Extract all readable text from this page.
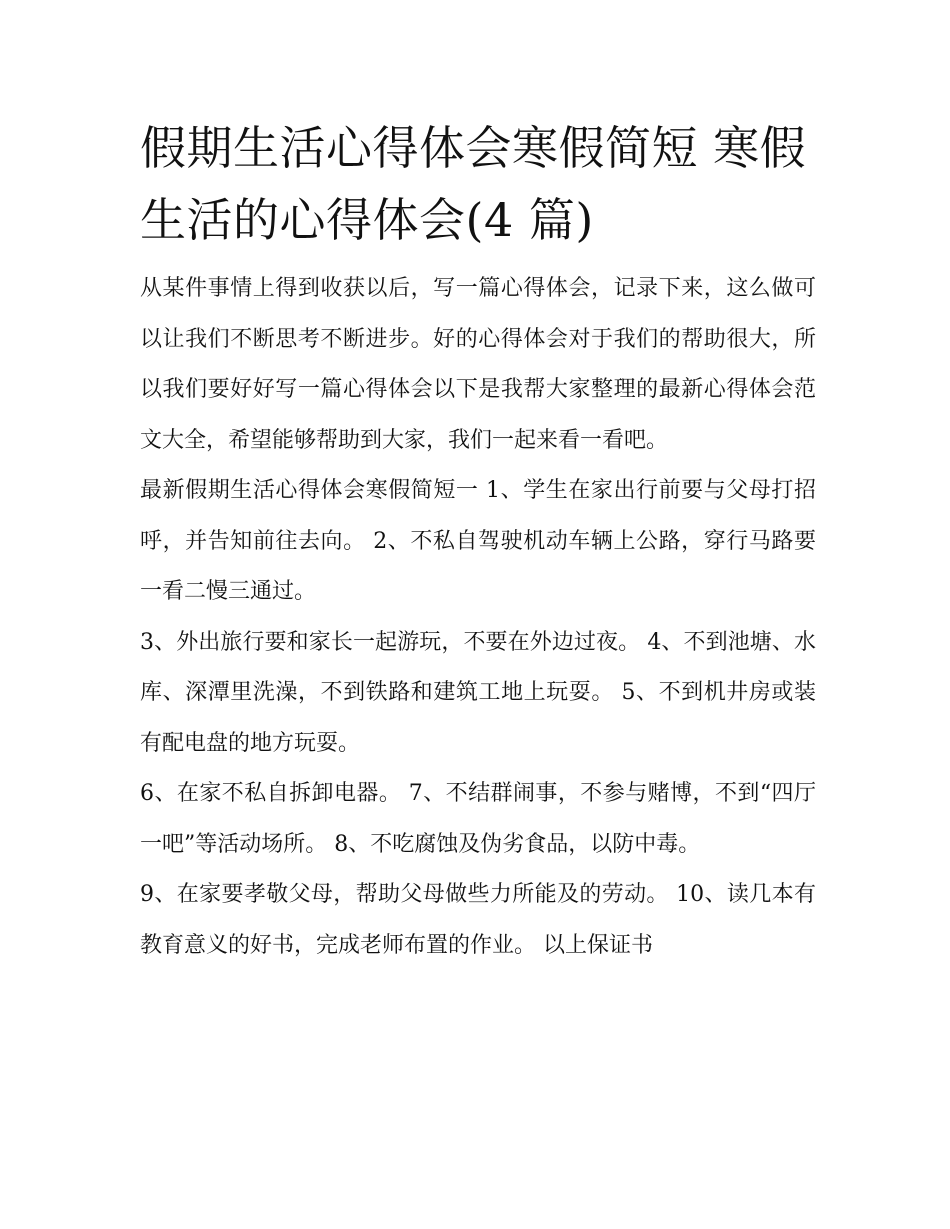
假期生活心得体会寒假简短 寒假生活的心得体会(4 篇)

从某件事情上得到收获以后，写一篇心得体会，记录下来，这么做可以让我们不断思考不断进步。好的心得体会对于我们的帮助很大，所以我们要好好写一篇心得体会以下是我帮大家整理的最新心得体会范文大全，希望能够帮助到大家，我们一起来看一看吧。

最新假期生活心得体会寒假简短一 1、学生在家出行前要与父母打招呼，并告知前往去向。 2、不私自驾驶机动车辆上公路，穿行马路要一看二慢三通过。

3、外出旅行要和家长一起游玩，不要在外边过夜。 4、不到池塘、水库、深潭里洗澡，不到铁路和建筑工地上玩耍。 5、不到机井房或装有配电盘的地方玩耍。

6、在家不私自拆卸电器。 7、不结群闹事，不参与赌博，不到“四厅一吧”等活动场所。 8、不吃腐蚀及伪劣食品，以防中毒。

9、在家要孝敬父母，帮助父母做些力所能及的劳动。 10、读几本有教育意义的好书，完成老师布置的作业。 以上保证书
